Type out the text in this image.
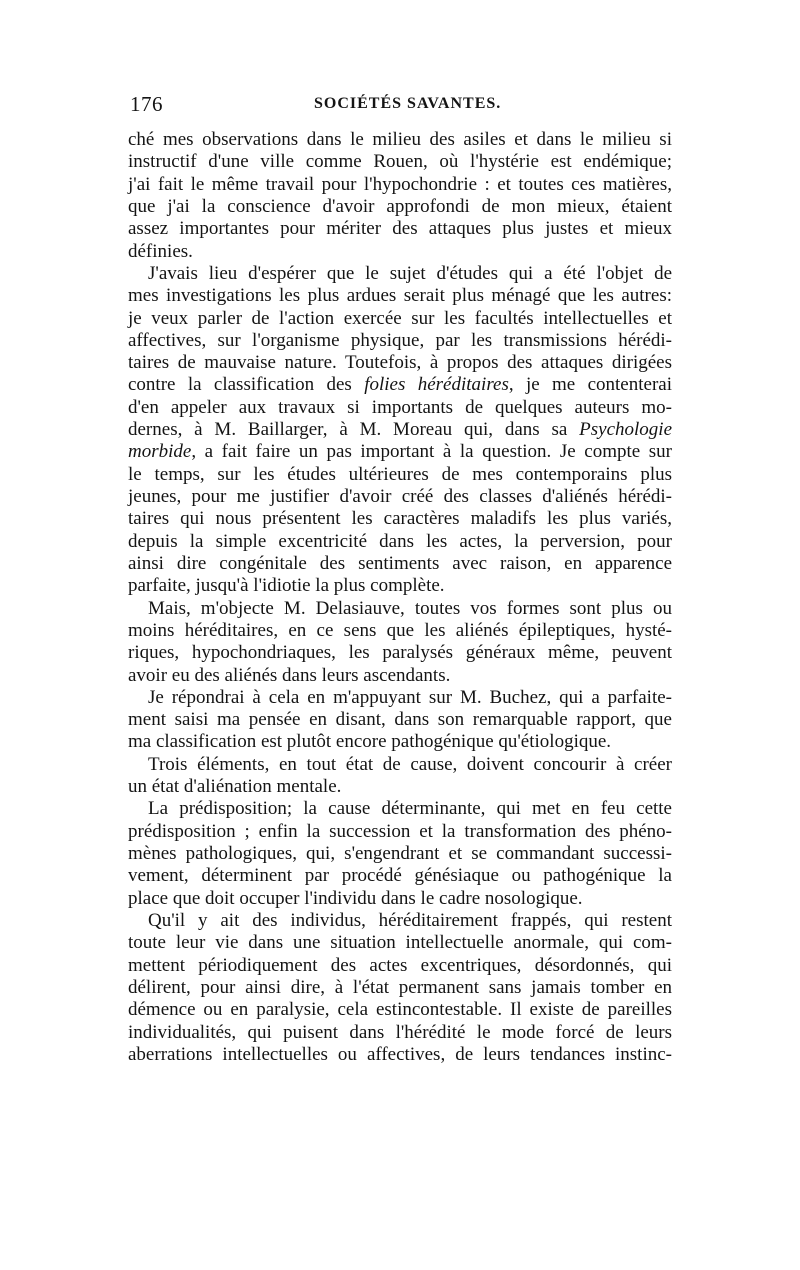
176	SOCIÉTÉS SAVANTES.
ché mes observations dans le milieu des asiles et dans le milieu si
instructif d'une ville comme Rouen, où l'hystérie est endémique;
j'ai fait le même travail pour l'hypochondrie : et toutes ces matières,
que j'ai la conscience d'avoir approfondi de mon mieux, étaient
assez importantes pour mériter des attaques plus justes et mieux
définies.
J'avais lieu d'espérer que le sujet d'études qui a été l'objet de
mes investigations les plus ardues serait plus ménagé que les autres:
je veux parler de l'action exercée sur les facultés intellectuelles et
affectives, sur l'organisme physique, par les transmissions hérédi-
taires de mauvaise nature. Toutefois, à propos des attaques dirigées
contre la classification des folies héréditaires, je me contenterai
d'en appeler aux travaux si importants de quelques auteurs mo-
dernes, à M. Baillarger, à M. Moreau qui, dans sa Psychologie
morbide, a fait faire un pas important à la question. Je compte sur
le temps, sur les études ultérieures de mes contemporains plus
jeunes, pour me justifier d'avoir créé des classes d'aliénés hérédi-
taires qui nous présentent les caractères maladifs les plus variés,
depuis la simple excentricité dans les actes, la perversion, pour
ainsi dire congénitale des sentiments avec raison, en apparence
parfaite, jusqu'à l'idiotie la plus complète.
Mais, m'objecte M. Delasiauve, toutes vos formes sont plus ou
moins héréditaires, en ce sens que les aliénés épileptiques, hysté-
riques, hypochondriaques, les paralysés généraux même, peuvent
avoir eu des aliénés dans leurs ascendants.
Je répondrai à cela en m'appuyant sur M. Buchez, qui a parfaite-
ment saisi ma pensée en disant, dans son remarquable rapport, que
ma classification est plutôt encore pathogénique qu'étiologique.
Trois éléments, en tout état de cause, doivent concourir à créer
un état d'aliénation mentale.
La prédisposition; la cause déterminante, qui met en feu cette
prédisposition ; enfin la succession et la transformation des phéno-
mènes pathologiques, qui, s'engendrant et se commandant successi-
vement, déterminent par procédé génésiaque ou pathogénique la
place que doit occuper l'individu dans le cadre nosologique.
Qu'il y ait des individus, héréditairement frappés, qui restent
toute leur vie dans une situation intellectuelle anormale, qui com-
mettent périodiquement des actes excentriques, désordonnés, qui
délirent, pour ainsi dire, à l'état permanent sans jamais tomber en
démence ou en paralysie, cela estincontestable. Il existe de pareilles
individualités, qui puisent dans l'hérédité le mode forcé de leurs
aberrations intellectuelles ou affectives, de leurs tendances instinc-
